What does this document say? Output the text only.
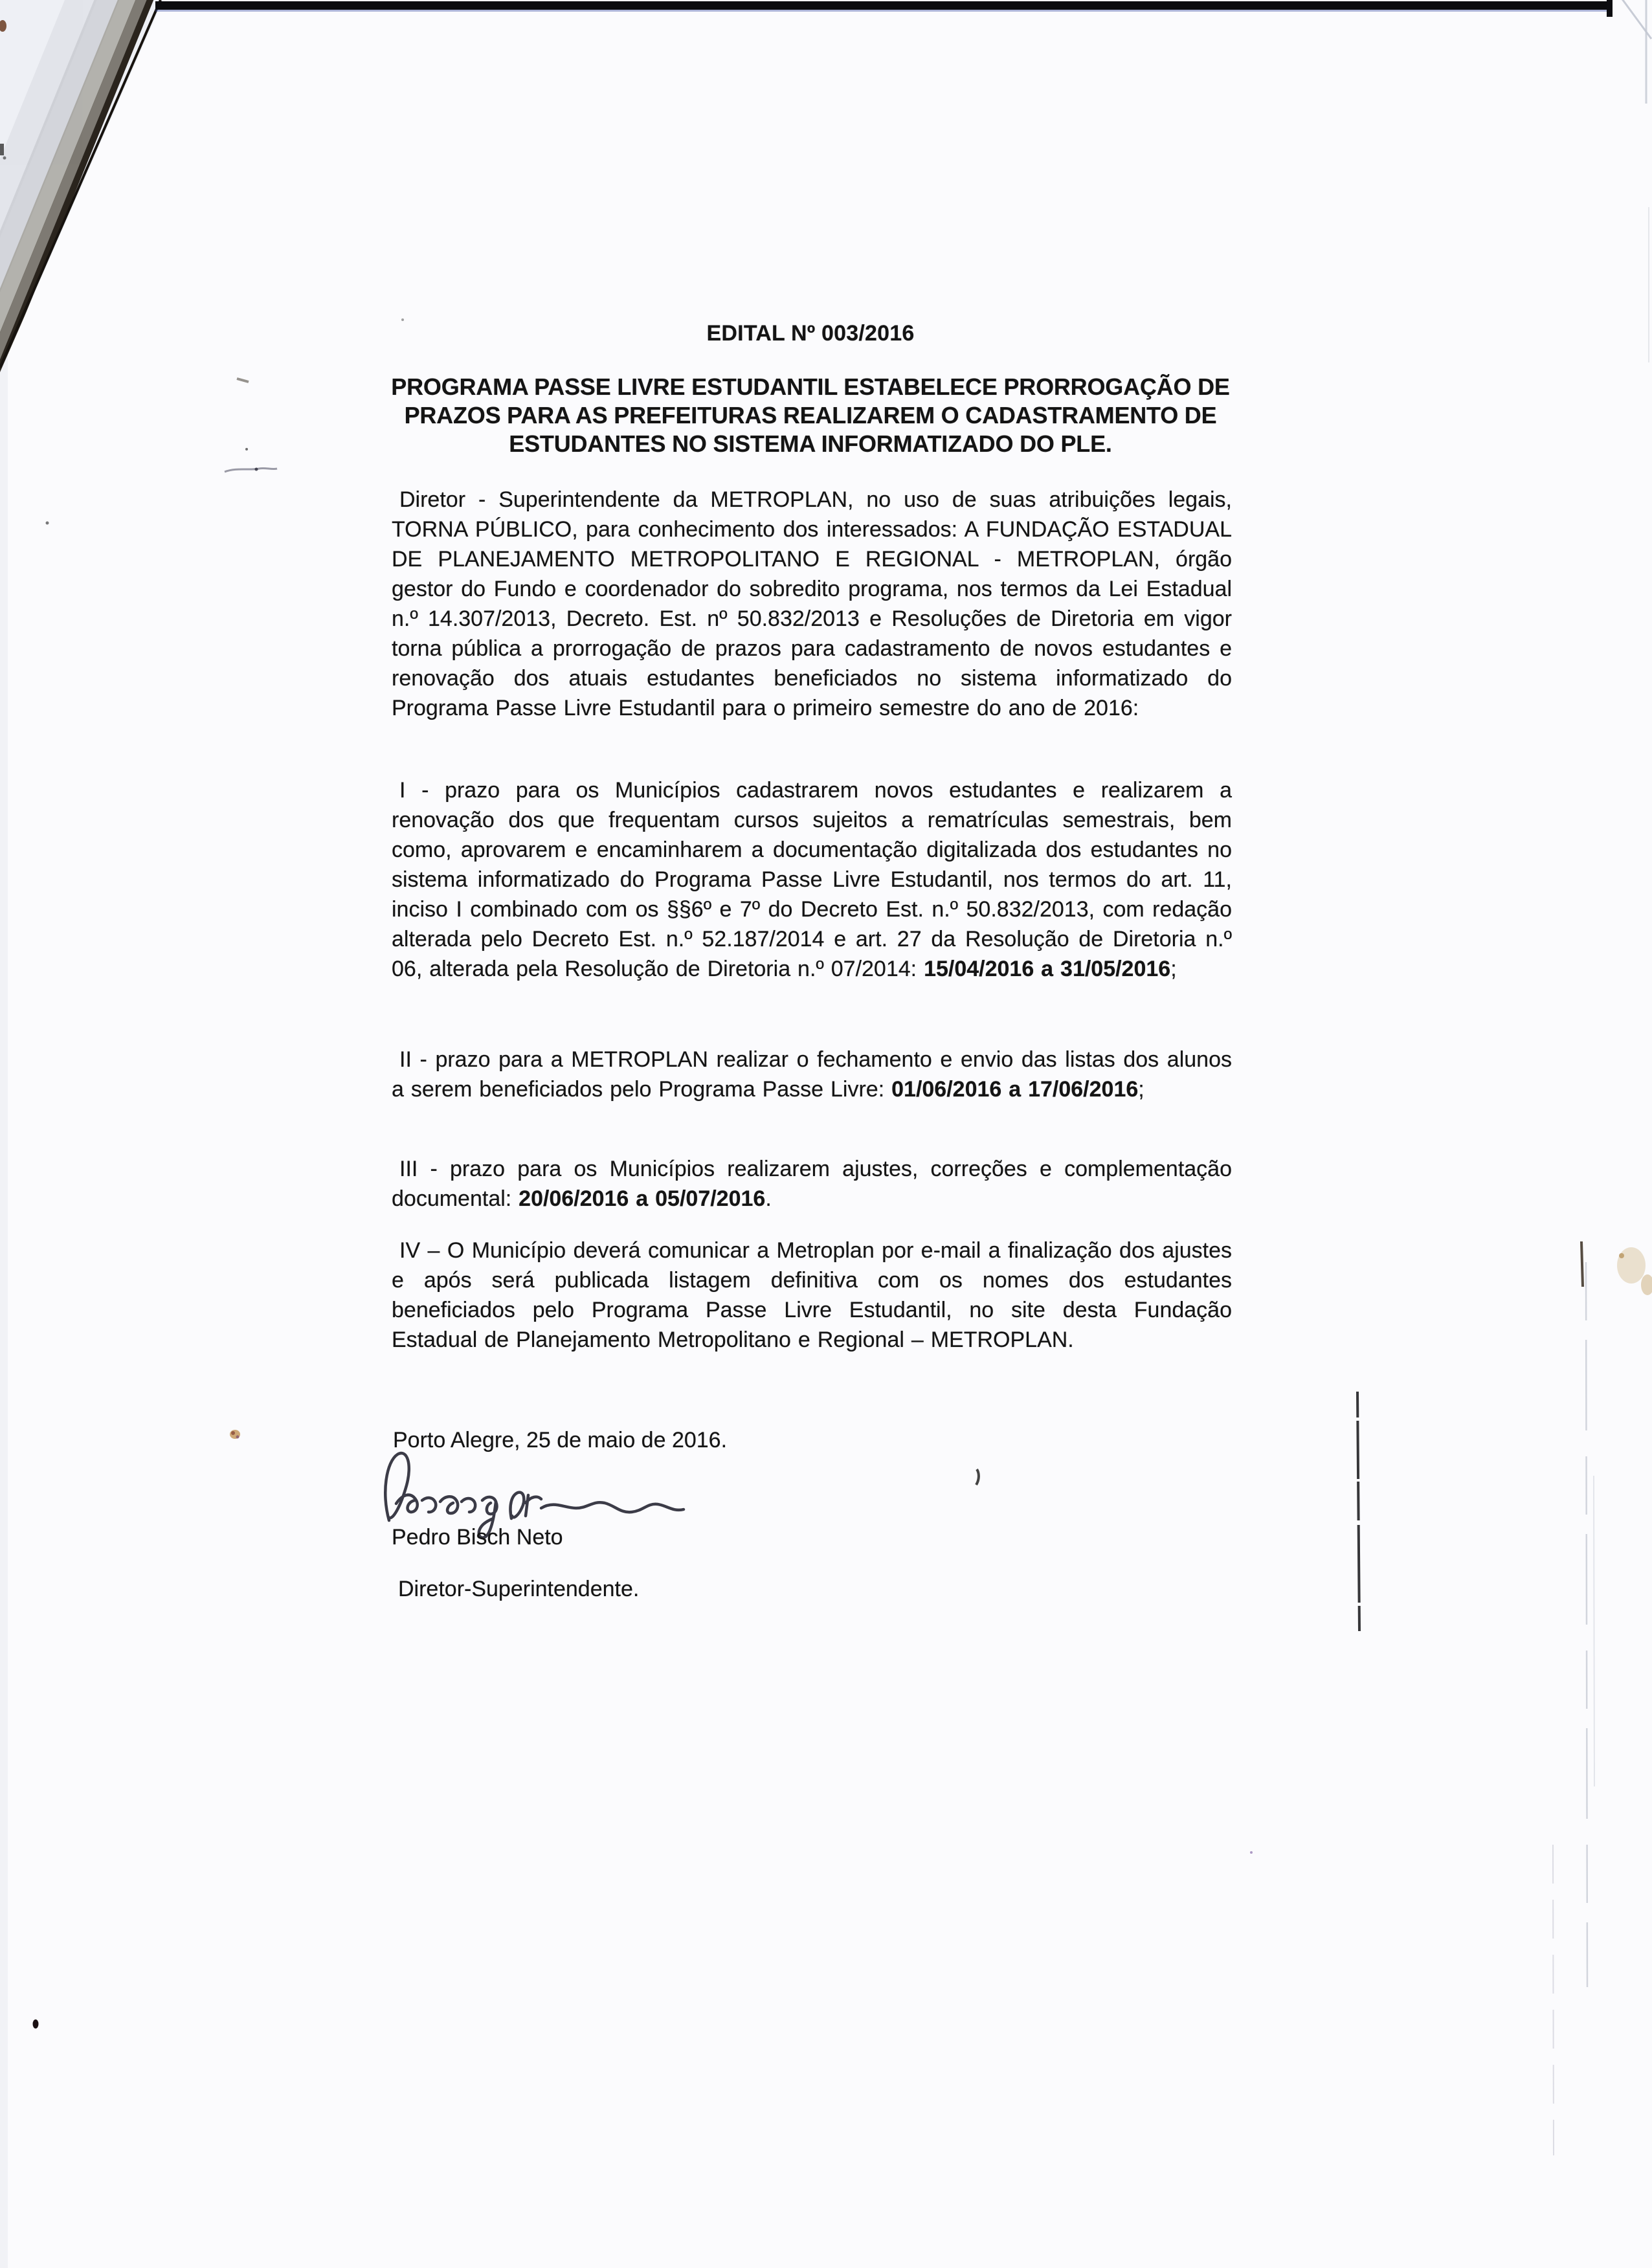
EDITAL Nº 003/2016
PROGRAMA PASSE LIVRE ESTUDANTIL ESTABELECE PRORROGAÇÃO DE PRAZOS PARA AS PREFEITURAS REALIZAREM O CADASTRAMENTO DE ESTUDANTES NO SISTEMA INFORMATIZADO DO PLE.

Diretor - Superintendente da METROPLAN, no uso de suas atribuições legais, TORNA PÚBLICO, para conhecimento dos interessados: A FUNDAÇÃO ESTADUAL DE PLANEJAMENTO METROPOLITANO E REGIONAL - METROPLAN, órgão gestor do Fundo e coordenador do sobredito programa, nos termos da Lei Estadual n.º 14.307/2013, Decreto. Est. nº 50.832/2013 e Resoluções de Diretoria em vigor torna pública a prorrogação de prazos para cadastramento de novos estudantes e renovação dos atuais estudantes beneficiados no sistema informatizado do Programa Passe Livre Estudantil para o primeiro semestre do ano de 2016:

I - prazo para os Municípios cadastrarem novos estudantes e realizarem a renovação dos que frequentam cursos sujeitos a rematrículas semestrais, bem como, aprovarem e encaminharem a documentação digitalizada dos estudantes no sistema informatizado do Programa Passe Livre Estudantil, nos termos do art. 11, inciso I combinado com os §§6º e 7º do Decreto Est. n.º 50.832/2013, com redação alterada pelo Decreto Est. n.º 52.187/2014 e art. 27 da Resolução de Diretoria n.º 06, alterada pela Resolução de Diretoria n.º 07/2014: 15/04/2016 a 31/05/2016;

II - prazo para a METROPLAN realizar o fechamento e envio das listas dos alunos a serem beneficiados pelo Programa Passe Livre: 01/06/2016 a 17/06/2016;

III - prazo para os Municípios realizarem ajustes, correções e complementação documental: 20/06/2016 a 05/07/2016.

IV – O Município deverá comunicar a Metroplan por e-mail a finalização dos ajustes e após será publicada listagem definitiva com os nomes dos estudantes beneficiados pelo Programa Passe Livre Estudantil, no site desta Fundação Estadual de Planejamento Metropolitano e Regional – METROPLAN.

Porto Alegre, 25 de maio de 2016.
Pedro Bisch Neto
Diretor-Superintendente.
